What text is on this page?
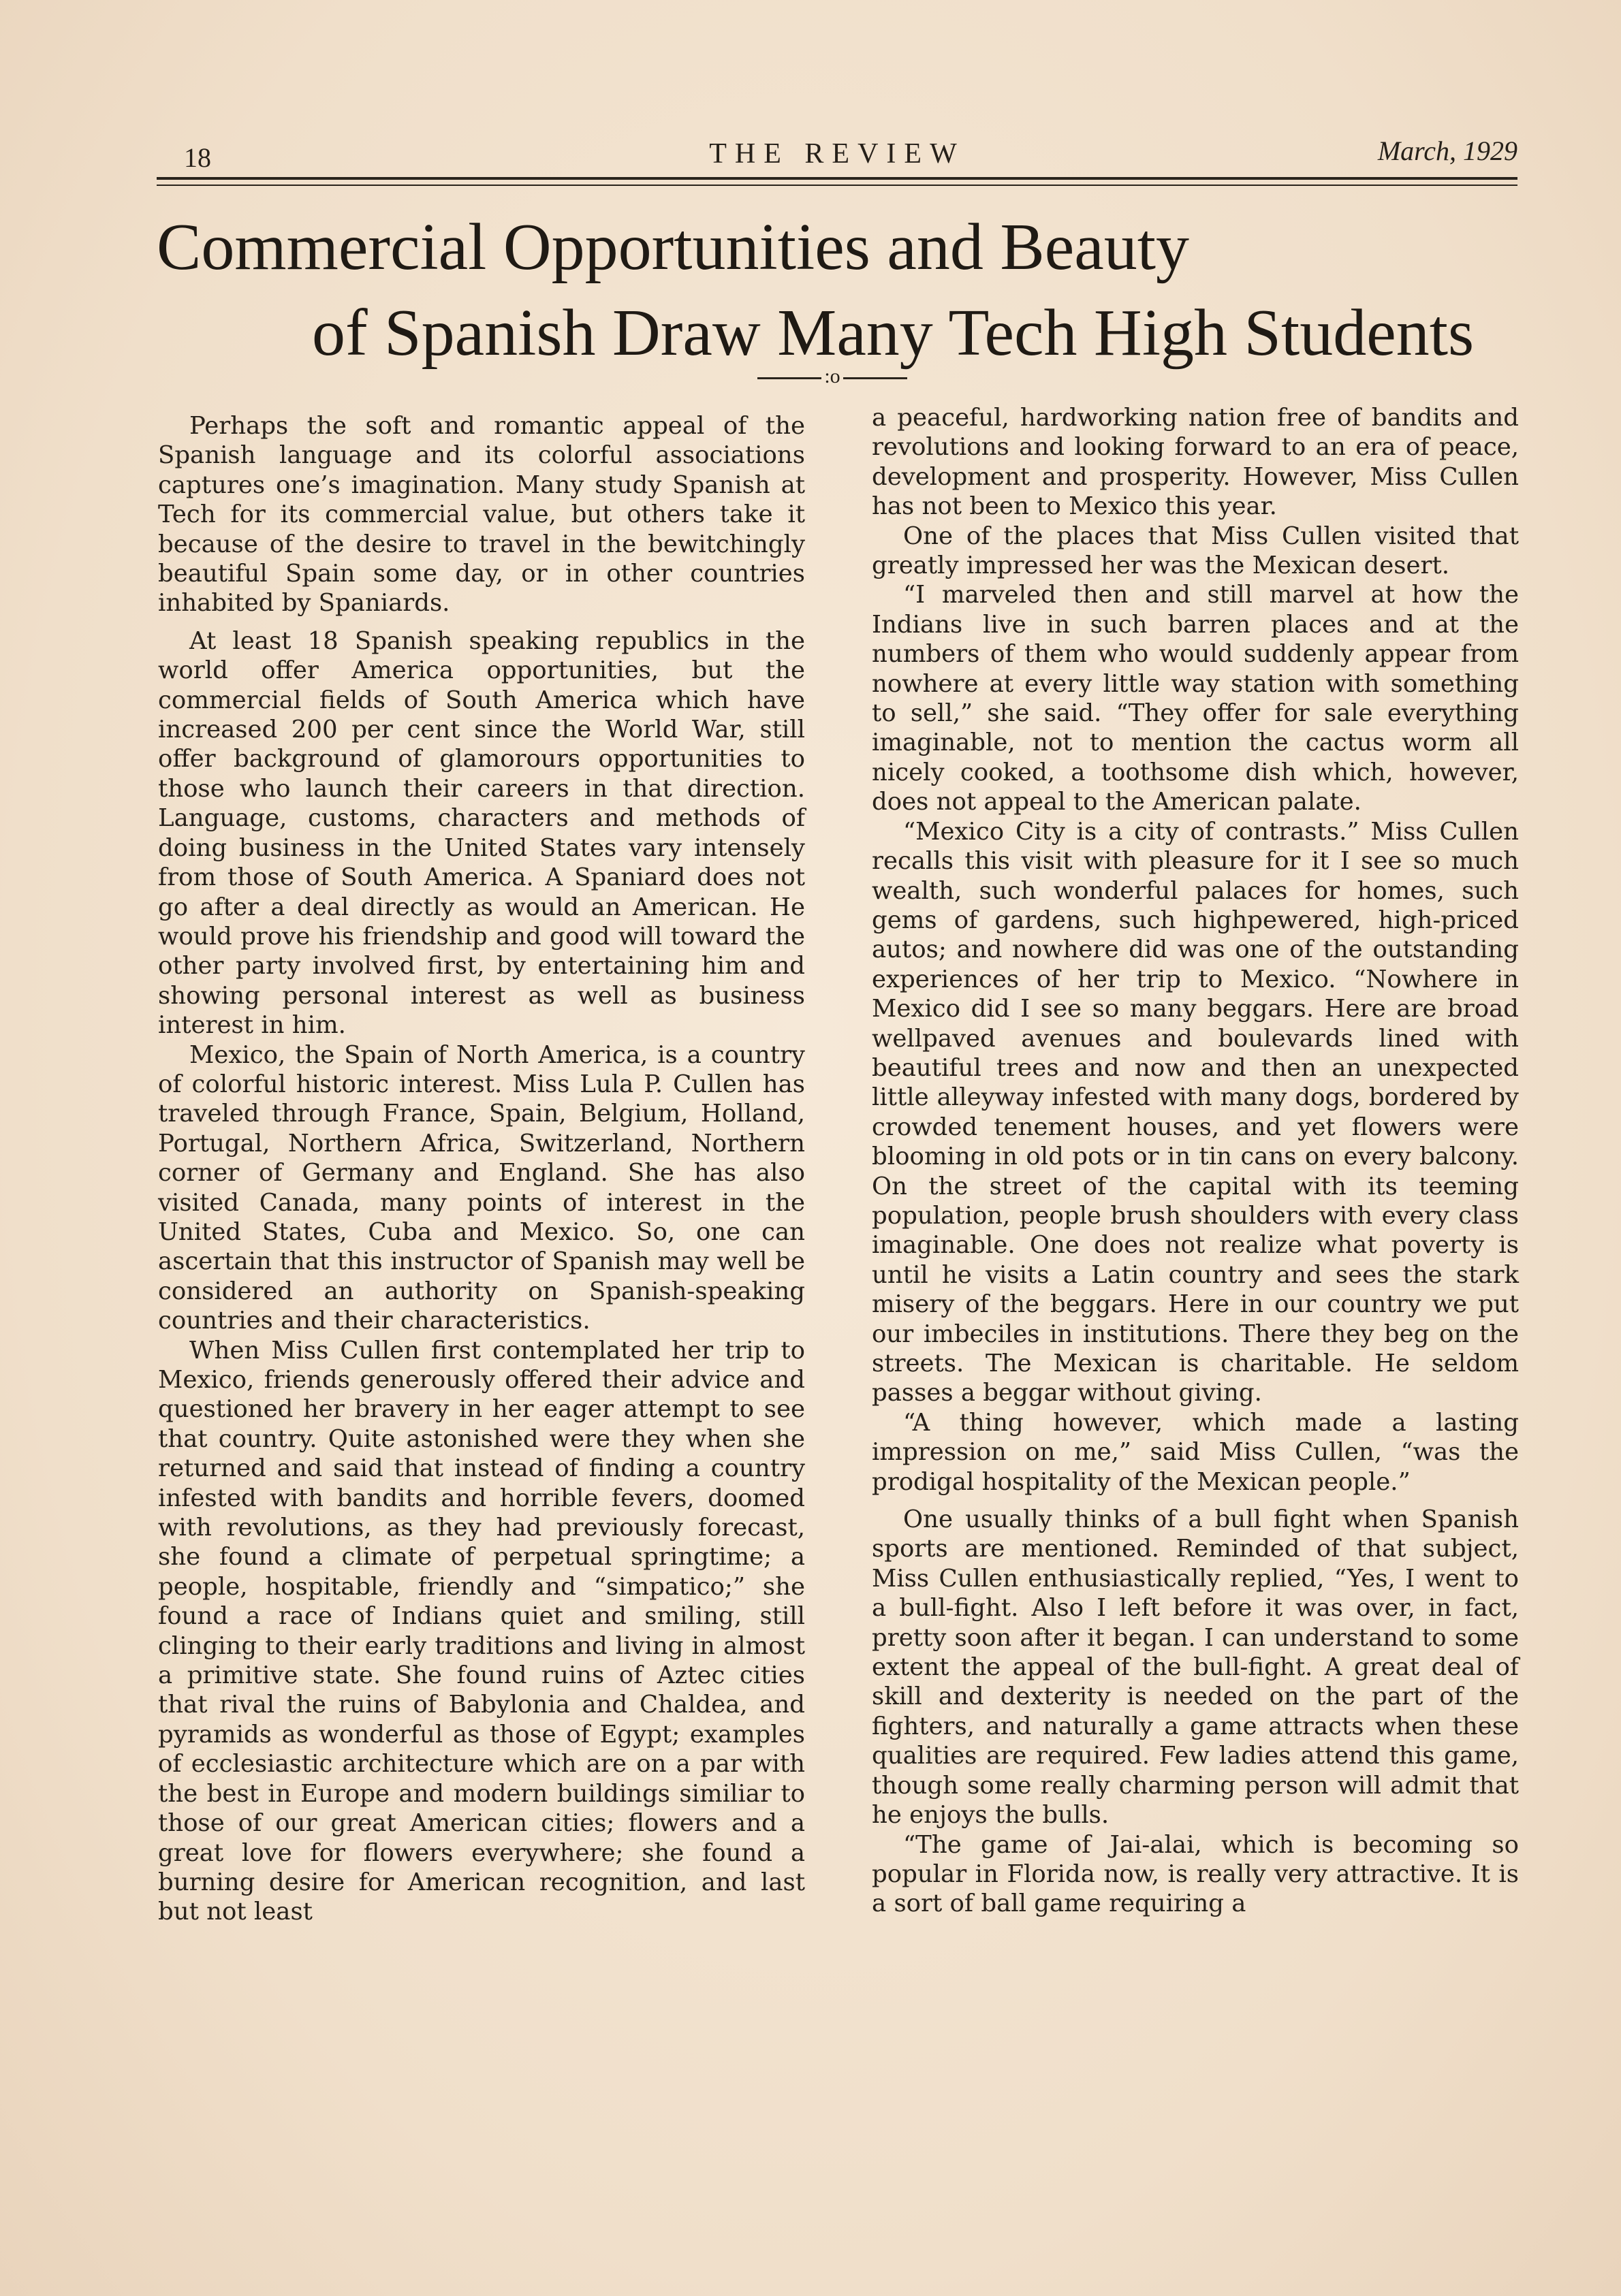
18	THE REVIEW	March, 1929
Commercial Opportunities and Beauty
of Spanish Draw Many Tech High Students
:o

Perhaps the soft and romantic appeal of the Spanish language and its colorful associations captures one’s imagination. Many study Spanish at Tech for its commercial value, but others take it because of the desire to travel in the bewitchingly beautiful Spain some day, or in other countries inhabited by Spaniards.

At least 18 Spanish speaking republics in the world offer America opportunities, but the commercial fields of South America which have increased 200 per cent since the World War, still offer background of glamorours opportunities to those who launch their careers in that direction. Language, customs, characters and methods of doing business in the United States vary intensely from those of South America. A Spaniard does not go after a deal directly as would an American. He would prove his friendship and good will toward the other party involved first, by entertaining him and showing personal interest as well as business interest in him.

Mexico, the Spain of North America, is a country of colorful historic interest. Miss Lula P. Cullen has traveled through France, Spain, Belgium, Holland, Portugal, Northern Africa, Switzerland, Northern corner of Germany and England. She has also visited Canada, many points of interest in the United States, Cuba and Mexico. So, one can ascertain that this instructor of Spanish may well be considered an authority on Spanish-speaking countries and their characteristics.

When Miss Cullen first contemplated her trip to Mexico, friends generously offered their advice and questioned her bravery in her eager attempt to see that country. Quite astonished were they when she returned and said that instead of finding a country infested with bandits and horrible fevers, doomed with revolutions, as they had previously forecast, she found a climate of perpetual springtime; a people, hospitable, friendly and “simpatico;” she found a race of Indians quiet and smiling, still clinging to their early traditions and living in almost a primitive state. She found ruins of Aztec cities that rival the ruins of Babylonia and Chaldea, and pyramids as wonderful as those of Egypt; examples of ecclesiastic architecture which are on a par with the best in Europe and modern buildings similiar to those of our great American cities; flowers and a great love for flowers everywhere; she found a burning desire for American recognition, and last but not least

a peaceful, hardworking nation free of bandits and revolutions and looking forward to an era of peace, development and prosperity. However, Miss Cullen has not been to Mexico this year.

One of the places that Miss Cullen visited that greatly impressed her was the Mexican desert.

“I marveled then and still marvel at how the Indians live in such barren places and at the numbers of them who would suddenly appear from nowhere at every little way station with something to sell,” she said. “They offer for sale everything imaginable, not to mention the cactus worm all nicely cooked, a toothsome dish which, however, does not appeal to the American palate.

“Mexico City is a city of contrasts.” Miss Cullen recalls this visit with pleasure for it I see so much wealth, such wonderful palaces for homes, such gems of gardens, such highpewered, high-priced autos; and nowhere did was one of the outstanding experiences of her trip to Mexico. “Nowhere in Mexico did I see so many beggars. Here are broad wellpaved avenues and boulevards lined with beautiful trees and now and then an unexpected little alleyway infested with many dogs, bordered by crowded tenement houses, and yet flowers were blooming in old pots or in tin cans on every balcony. On the street of the capital with its teeming population, people brush shoulders with every class imaginable. One does not realize what poverty is until he visits a Latin country and sees the stark misery of the beggars. Here in our country we put our imbeciles in institutions. There they beg on the streets. The Mexican is charitable. He seldom passes a beggar without giving.

“A thing however, which made a lasting impression on me,” said Miss Cullen, “was the prodigal hospitality of the Mexican people.”

One usually thinks of a bull fight when Spanish sports are mentioned. Reminded of that subject, Miss Cullen enthusiastically replied, “Yes, I went to a bull-fight. Also I left before it was over, in fact, pretty soon after it began. I can understand to some extent the appeal of the bull-fight. A great deal of skill and dexterity is needed on the part of the fighters, and naturally a game attracts when these qualities are required. Few ladies attend this game, though some really charming person will admit that he enjoys the bulls.

“The game of Jai-alai, which is becoming so popular in Florida now, is really very attractive. It is a sort of ball game requiring a
